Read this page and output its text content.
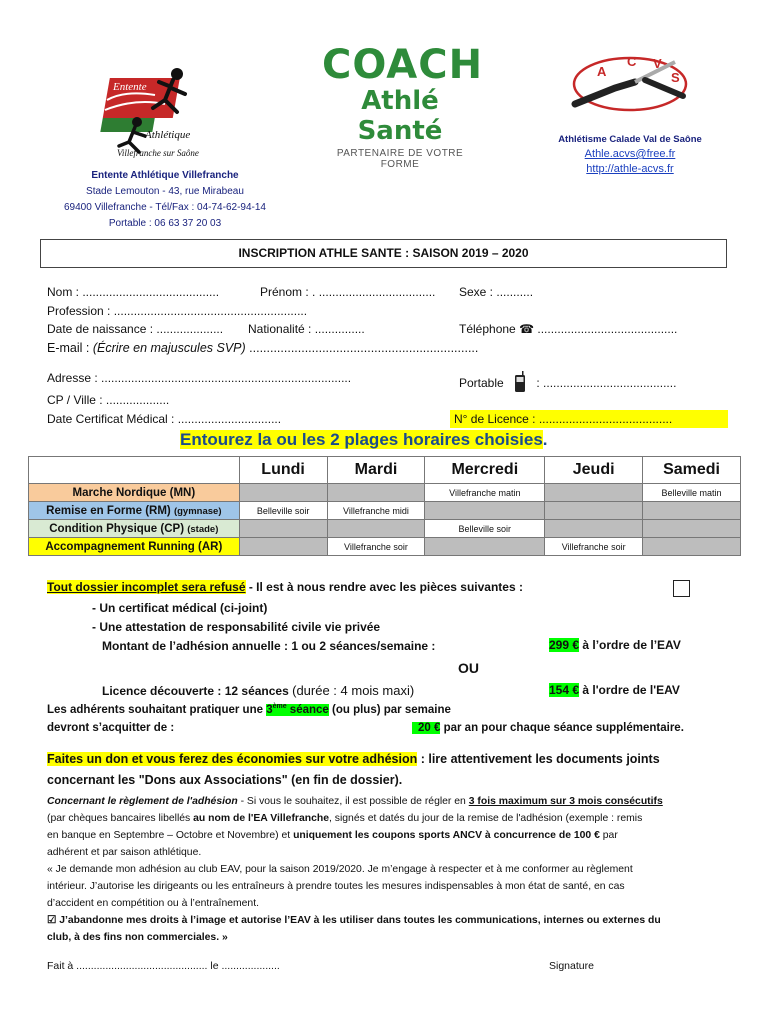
Entente
Athlétique
Villefranche sur Saône
Entente Athlétique Villefranche
Stade Lemouton - 43, rue Mirabeau
69400 Villefranche - Tél/Fax : 04-74-62-94-14
Portable : 06 63 37 20 03
COACH
Athlé Santé
PARTENAIRE DE VOTRE FORME
A
C V
S
Athlétisme Calade Val de Saône
Athle.acvs@free.fr
http://athle-acvs.fr
INSCRIPTION ATHLE SANTE : SAISON 2019 – 2020
Nom : .........................................	Prénom : . ................................... Sexe : ...........
Profession : ..........................................................
Date de naissance : .................... Nationalité : ...............	Téléphone ☎ ..........................................
E-mail : (Écrire en majuscules SVP) ..................................................................
Adresse : ...........................................................................	Portable	: ........................................
CP / Ville : ...................
Date Certificat Médical : ...............................	N° de Licence : ........................................
Entourez la ou les 2 plages horaires choisies.
	Lundi	Mardi	Mercredi	Jeudi	Samedi
Marche Nordique (MN)			Villefranche matin		Belleville matin
Remise en Forme (RM) (gymnase)	Belleville soir	Villefranche midi			
Condition Physique (CP) (stade)			Belleville soir		
Accompagnement Running (AR)		Villefranche soir		Villefranche soir	
Tout dossier incomplet sera refusé - Il est à nous rendre avec les pièces suivantes :
- Un certificat médical (ci-joint)
- Une attestation de responsabilité civile vie privée
Montant de l’adhésion annuelle : 1 ou 2 séances/semaine :	299 € à l’ordre de l’EAV
OU
Licence découverte : 12 séances (durée : 4 mois maxi)	154 € à l'ordre de l'EAV
Les adhérents souhaitant pratiquer une 3ème séance (ou plus) par semaine
devront s’acquitter de :	20 € par an pour chaque séance supplémentaire.
Faites un don et vous ferez des économies sur votre adhésion : lire attentivement les documents joints
concernant les "Dons aux Associations" (en fin de dossier).
Concernant le règlement de l'adhésion - Si vous le souhaitez, il est possible de régler en 3 fois maximum sur 3 mois consécutifs
(par chèques bancaires libellés au nom de l'EA Villefranche, signés et datés du jour de la remise de l'adhésion (exemple : remis
en banque en Septembre – Octobre et Novembre) et uniquement les coupons sports ANCV à concurrence de 100 € par
adhérent et par saison athlétique.
« Je demande mon adhésion au club EAV, pour la saison 2019/2020. Je m’engage à respecter et à me conformer au règlement
intérieur. J’autorise les dirigeants ou les entraîneurs à prendre toutes les mesures indispensables à mon état de santé, en cas
d’accident en compétition ou à l’entraînement.
☑ J’abandonne mes droits à l’image et autorise l’EAV à les utiliser dans toutes les communications, internes ou externes du
club, à des fins non commerciales. »
Fait à ............................................. le ....................	Signature
